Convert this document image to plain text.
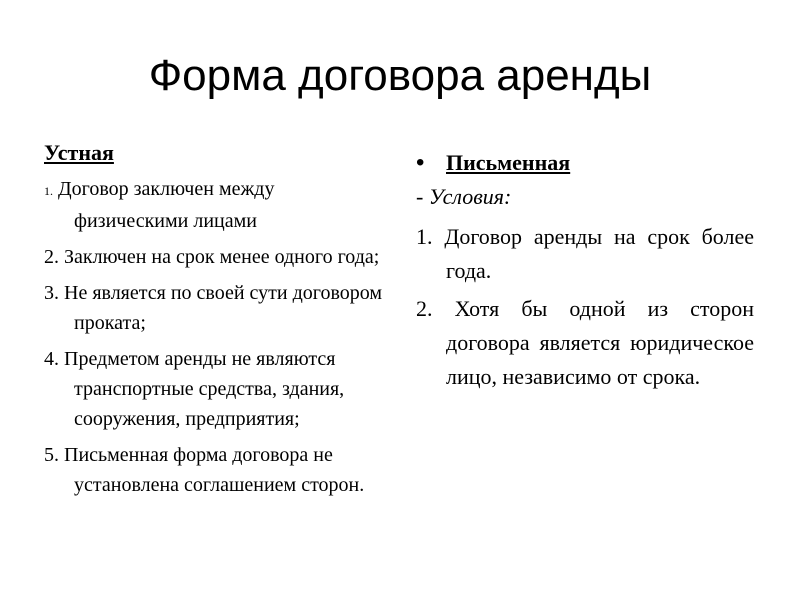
Форма договора аренды
Устная
1. Договор заключен между физическими лицами
2. Заключен на срок менее одного года;
3. Не является по своей сути договором проката;
4. Предметом аренды не являются транспортные средства, здания, сооружения, предприятия;
5. Письменная форма договора не установлена соглашением сторон.
• Письменная
- Условия:
1. Договор аренды на срок более года.
2. Хотя бы одной из сторон договора является юридическое лицо, независимо от срока.
